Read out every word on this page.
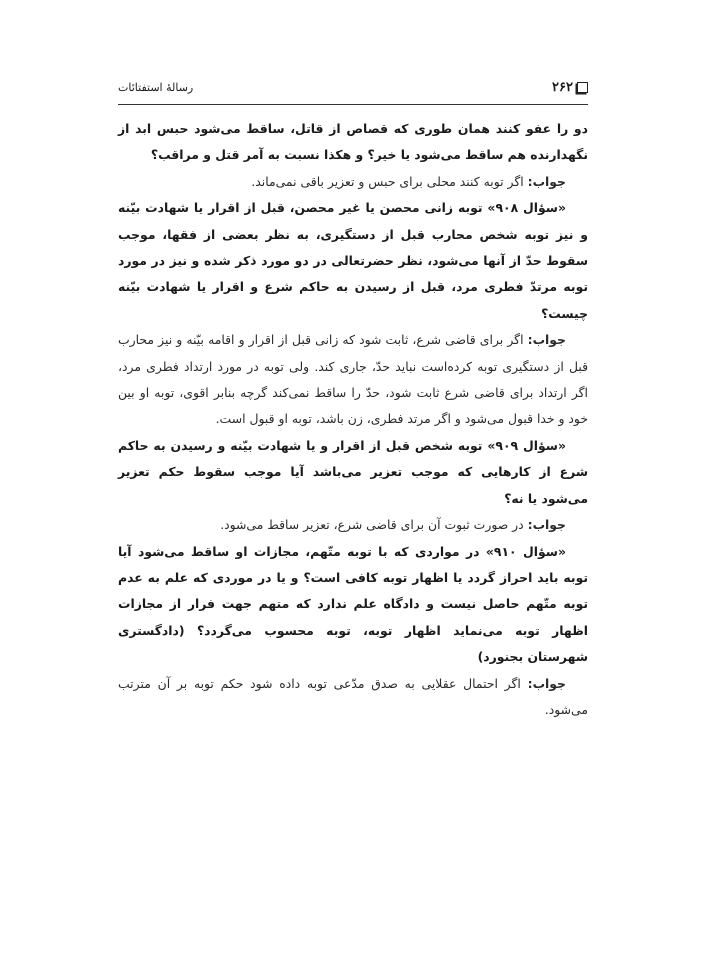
۲۶۲
رسالهٔ استفتائات

دو را عفو کنند همان طوری که قصاص از قاتل، ساقط می‌شود حبس ابد از نگهدارنده هم ساقط می‌شود یا خیر؟ و هکذا نسبت به آمر قتل و مراقب؟

جواب: اگر توبه کنند محلی برای حبس و تعزیر باقی نمی‌ماند.

«سؤال ۹۰۸» توبه زانی محصن یا غیر محصن، قبل از اقرار یا شهادت بیّنه و نیز توبه شخص محارب قبل از دستگیری، به نظر بعضی از فقها، موجب سقوط حدّ از آنها می‌شود، نظر حضرتعالی در دو مورد ذکر شده و نیز در مورد توبه مرتدّ فطری مرد، قبل از رسیدن به حاکم شرع و اقرار یا شهادت بیّنه چیست؟

جواب: اگر برای قاضی شرع، ثابت شود که زانی قبل از اقرار و اقامه بیّنه و نیز محارب قبل از دستگیری توبه کرده‌است نباید حدّ، جاری کند. ولی توبه در مورد ارتداد فطری مرد، اگر ارتداد برای قاضی شرع ثابت شود، حدّ را ساقط نمی‌کند گرچه بنابر اقوی، توبه او بین خود و خدا قبول می‌شود و اگر مرتد فطری، زن باشد، توبه او قبول است.

«سؤال ۹۰۹» توبه شخص قبل از اقرار و یا شهادت بیّنه و رسیدن به حاکم شرع از کارهایی که موجب تعزیر می‌باشد آیا موجب سقوط حکم تعزیر می‌شود یا نه؟

جواب: در صورت ثبوت آن برای قاضی شرع، تعزیر ساقط می‌شود.

«سؤال ۹۱۰» در مواردی که با توبه متّهم، مجازات او ساقط می‌شود آیا توبه باید احراز گردد یا اظهار توبه کافی است؟ و یا در موردی که علم به عدم توبه متّهم حاصل نیست و دادگاه علم ندارد که متهم جهت فرار از مجازات اظهار توبه می‌نماید اظهار توبه، توبه محسوب می‌گردد؟ (دادگستری شهرستان بجنورد)

جواب: اگر احتمال عقلایی به صدق مدّعی توبه داده شود حکم توبه بر آن مترتب می‌شود.
